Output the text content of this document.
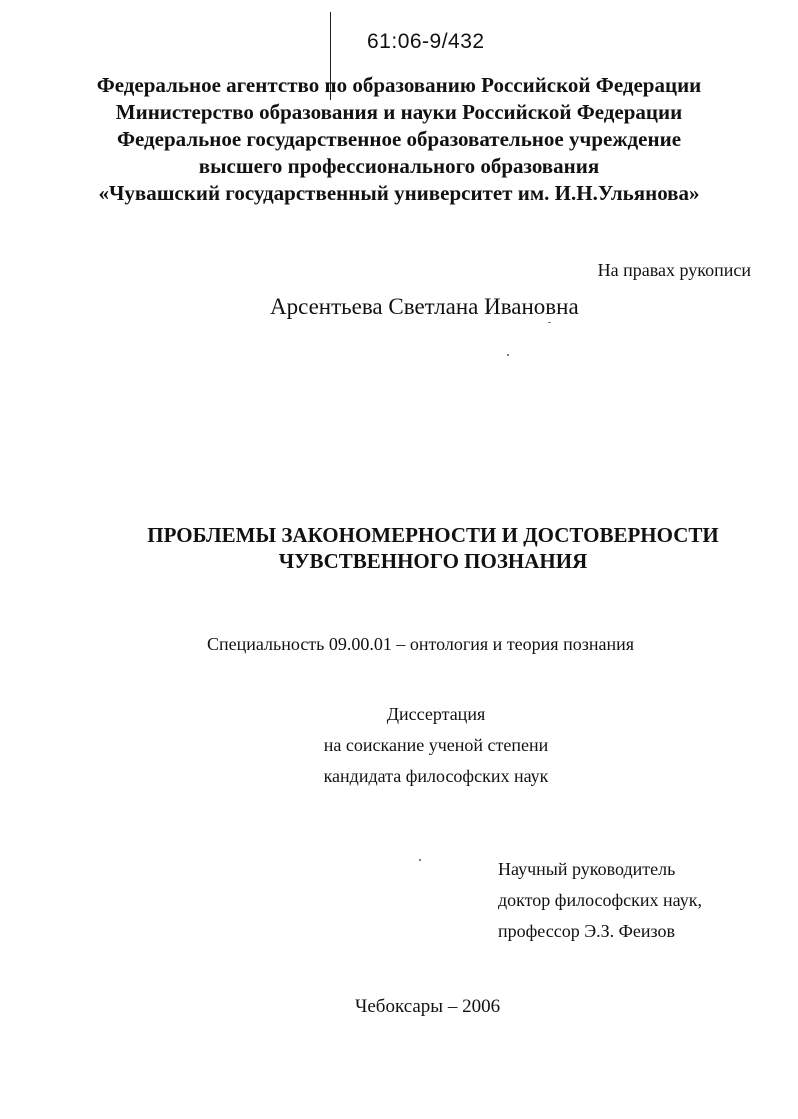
61:06-9/432
Федеральное агентство по образованию Российской Федерации
Министерство образования и науки Российской Федерации
Федеральное государственное образовательное учреждение
высшего профессионального образования
«Чувашский государственный университет им. И.Н.Ульянова»
На правах рукописи
Арсентьева Светлана Ивановна
ПРОБЛЕМЫ ЗАКОНОМЕРНОСТИ И ДОСТОВЕРНОСТИ
ЧУВСТВЕННОГО ПОЗНАНИЯ
Специальность 09.00.01 – онтология и теория познания
Диссертация
на соискание ученой степени
кандидата философских наук
Научный руководитель
доктор философских наук,
профессор Э.З. Феизов
Чебоксары – 2006
